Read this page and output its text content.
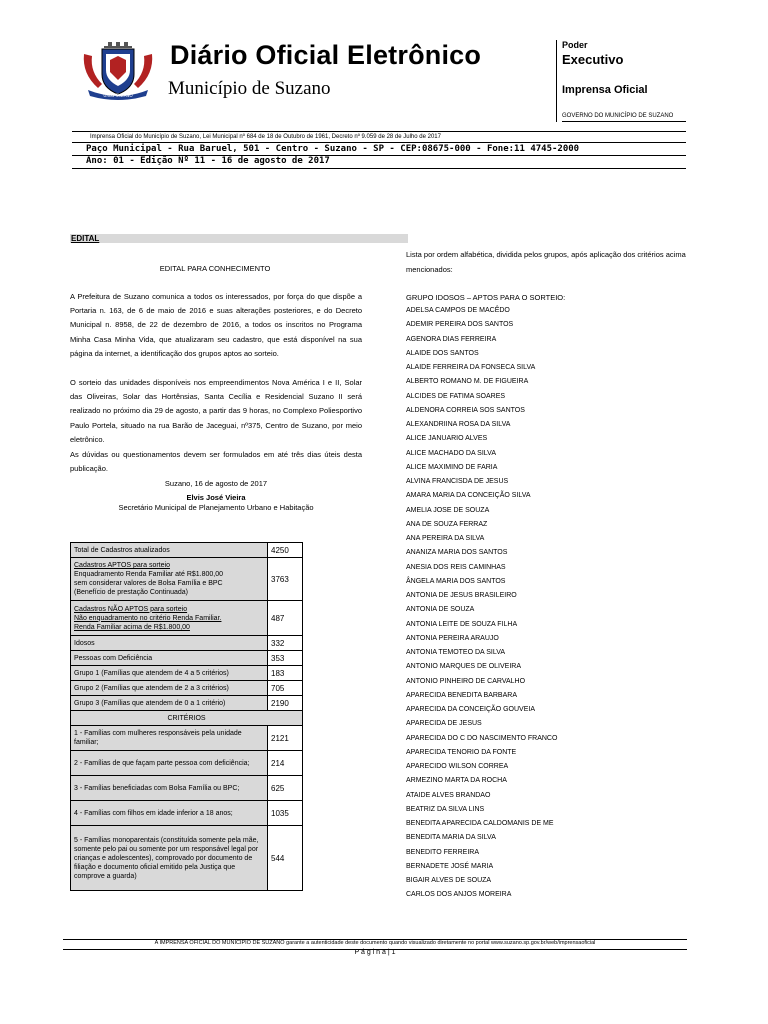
URBS SUZANO
Diário Oficial Eletrônico
Município de Suzano
Poder
Executivo
Imprensa Oficial
GOVERNO DO MUNICÍPIO DE SUZANO
Imprensa Oficial do Município de Suzano, Lei Municipal nº 684 de 18 de Outubro de 1961, Decreto nº 9.059 de 28 de Julho de 2017
Paço Municipal - Rua Baruel, 501 - Centro - Suzano - SP - CEP:08675-000 - Fone:11 4745-2000
Ano: 01 - Edição Nº 11 - 16 de agosto de 2017
EDITAL
EDITAL PARA CONHECIMENTO
A Prefeitura de Suzano comunica a todos os interessados, por força do que dispõe a Portaria n. 163, de 6 de maio de 2016 e suas alterações posteriores, e do Decreto Municipal n. 8958, de 22 de dezembro de 2016, a todos os inscritos no Programa Minha Casa Minha Vida, que atualizaram seu cadastro, que está disponível na sua página da internet, a identificação dos grupos aptos ao sorteio.
O sorteio das unidades disponíveis nos empreendimentos Nova América I e II, Solar das Oliveiras, Solar das Hortênsias, Santa Cecília e Residencial Suzano II será realizado no próximo dia 29 de agosto, a partir das 9 horas, no Complexo Poliesportivo Paulo Portela, situado na rua Barão de Jaceguai, nº375, Centro de Suzano, por meio eletrônico.
As dúvidas ou questionamentos devem ser formulados em até três dias úteis desta publicação.
Suzano, 16 de agosto de 2017
Elvis José Vieira
Secretário Municipal de Planejamento Urbano e Habitação
Total de Cadastros atualizados	4250

Cadastros APTOS para sorteio
Enquadramento Renda Familiar até R$1.800,00
sem considerar valores de Bolsa Família e BPC
(Benefício de prestação Continuada)	3763

Cadastros NÃO APTOS para sorteio
Não enquadramento no critério Renda Familiar.
Renda Familiar acima de R$1.800,00	487
Idosos	332
Pessoas com Deficiência	353
Grupo 1 (Famílias que atendem de 4 a 5 critérios)	183
Grupo 2 (Famílias que atendem de 2 a 3 critérios)	705
Grupo 3 (Famílias que atendem de 0 a 1 critério)	2190
CRITÉRIOS	
1 - Famílias com mulheres responsáveis pela unidade familiar;	2121
2 - Famílias de que façam parte pessoa com deficiência;	214
3 - Famílias beneficiadas com Bolsa Família ou BPC;	625
4 - Famílias com filhos em idade inferior a 18 anos;	1035
5 - Famílias monoparentais (constituída somente pela mãe, somente pelo pai ou somente por um responsável legal por crianças e adolescentes), comprovado por documento de filiação e documento oficial emitido pela Justiça que comprove a guarda)	544
Lista por ordem alfabética, dividida pelos grupos, após aplicação dos critérios acima mencionados:
GRUPO IDOSOS – APTOS PARA O SORTEIO:
ADELSA CAMPOS DE MACÊDO
ADEMIR PEREIRA DOS SANTOS
AGENORA DIAS FERREIRA
ALAIDE DOS SANTOS
ALAIDE FERREIRA DA FONSECA SILVA
ALBERTO ROMANO M. DE FIGUEIRA
ALCIDES DE FATIMA SOARES
ALDENORA CORREIA SOS SANTOS
ALEXANDRIINA ROSA DA SILVA
ALICE JANUARIO ALVES
ALICE MACHADO DA SILVA
ALICE MAXIMINO DE FARIA
ALVINA FRANCISDA DE JESUS
AMARA MARIA DA CONCEIÇÃO SILVA
AMELIA JOSE DE SOUZA
ANA DE SOUZA FERRAZ
ANA PEREIRA DA SILVA
ANANIZA MARIA DOS SANTOS
ANESIA DOS REIS CAMINHAS
ÂNGELA MARIA DOS SANTOS
ANTONIA DE JESUS BRASILEIRO
ANTONIA DE SOUZA
ANTONIA LEITE DE SOUZA FILHA
ANTONIA PEREIRA ARAUJO
ANTONIA TEMOTEO DA SILVA
ANTONIO MARQUES DE OLIVEIRA
ANTONIO PINHEIRO DE CARVALHO
APARECIDA BENEDITA BARBARA
APARECIDA DA CONCEIÇÃO GOUVEIA
APARECIDA DE JESUS
APARECIDA DO C DO NASCIMENTO FRANCO
APARECIDA TENORIO DA FONTE
APARECIDO WILSON CORREA
ARMEZINO MARTA DA ROCHA
ATAIDE ALVES BRANDAO
BEATRIZ DA SILVA LINS
BENEDITA APARECIDA CALDOMANIS DE ME
BENEDITA MARIA DA SILVA
BENEDITO FERREIRA
BERNADETE JOSÉ MARIA
BIGAIR ALVES DE SOUZA
CARLOS DOS ANJOS MOREIRA
A IMPRENSA OFICIAL DO MUNICÍPIO DE SUZANO garante a autenticidade deste documento quando visualizado diretamente no portal www.suzano.sp.gov.br/web/imprensaoficial
P á g i n a | 1
